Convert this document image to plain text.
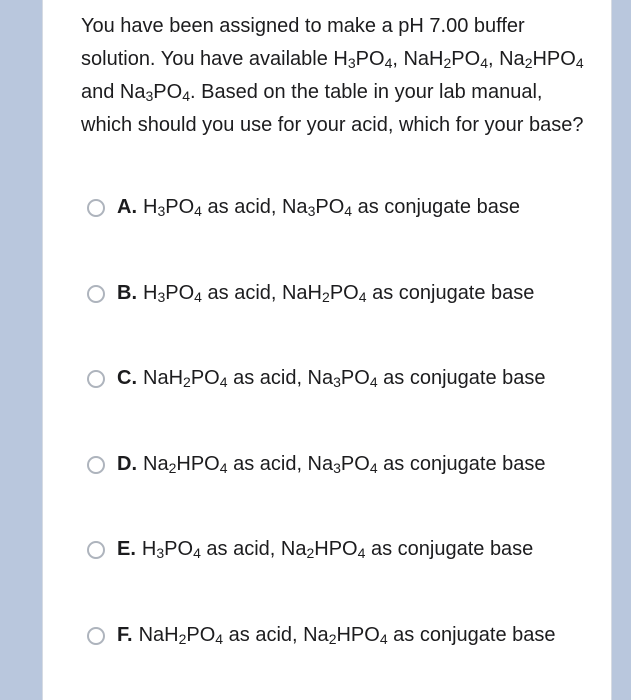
You have been assigned to make a pH 7.00 buffer solution. You have available $H_3PO_4$, $NaH_2PO_4$, $Na_2HPO_4$ and $Na_3PO_4$. Based on the table in your lab manual, which should you use for your acid, which for your base?
A. $H_3PO_4$ as acid, $Na_3PO_4$ as conjugate base
B. $H_3PO_4$ as acid, $NaH_2PO_4$ as conjugate base
C. $NaH_2PO_4$ as acid, $Na_3PO_4$ as conjugate base
D. $Na_2HPO_4$ as acid, $Na_3PO_4$ as conjugate base
E. $H_3PO_4$ as acid, $Na_2HPO_4$ as conjugate base
F. $NaH_2PO_4$ as acid, $Na_2HPO_4$ as conjugate base
